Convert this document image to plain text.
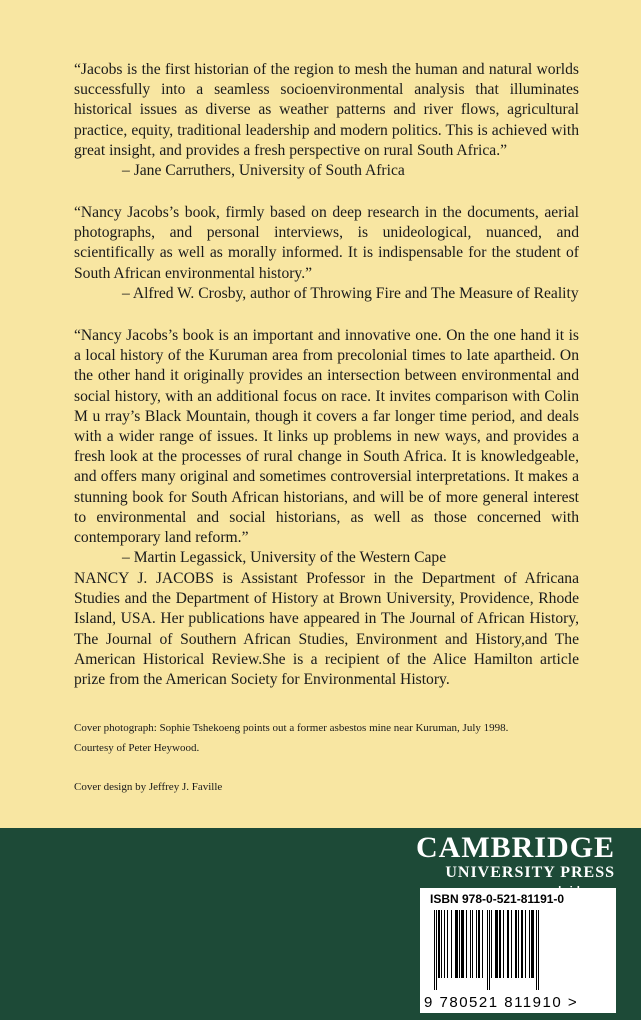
“Jacobs is the first historian of the region to mesh the human and natural worlds successfully into a seamless socioenvironmental analysis that illuminates historical issues as diverse as weather patterns and river flows, agricultural practice, equity, traditional leadership and modern politics. This is achieved with great insight, and provides a fresh perspective on rural South Africa.”

– Jane Carruthers, University of South Africa

“Nancy Jacobs’s book, firmly based on deep research in the documents, aerial photographs, and personal interviews, is unideological, nuanced, and scientifically as well as morally informed. It is indispensable for the student of South African environmental history.”

– Alfred W. Crosby, author of Throwing Fire and The Measure of Reality

“Nancy Jacobs’s book is an important and innovative one. On the one hand it is a local history of the Kuruman area from precolonial times to late apartheid. On the other hand it originally provides an intersection between environmental and social history, with an additional focus on race. It invites comparison with Colin M u rray’s Black Mountain, though it covers a far longer time period, and deals with a wider range of issues. It links up problems in new ways, and provides a fresh look at the processes of rural change in South Africa. It is knowledgeable, and offers many original and sometimes controversial interpretations. It makes a stunning book for South African historians, and will be of more general interest to environmental and social historians, as well as those concerned with contemporary land reform.”

– Martin Legassick, University of the Western Cape

NANCY J. JACOBS is Assistant Professor in the Department of Africana Studies and the Department of History at Brown University, Providence, Rhode Island, USA. Her publications have appeared in The Journal of African History, The Journal of Southern African Studies, Environment and History,and The American Historical Review.She is a recipient of the Alice Hamilton article prize from the American Society for Environmental History.

Cover photograph: Sophie Tshekoeng points out a former asbestos mine near Kuruman, July 1998.
Courtesy of Peter Heywood.
Cover design by Jeffrey J. Faville
CAMBRIDGE
UNIVERSITY PRESS
ISBN 978-0-521-81191-0
9 780521 811910 >
